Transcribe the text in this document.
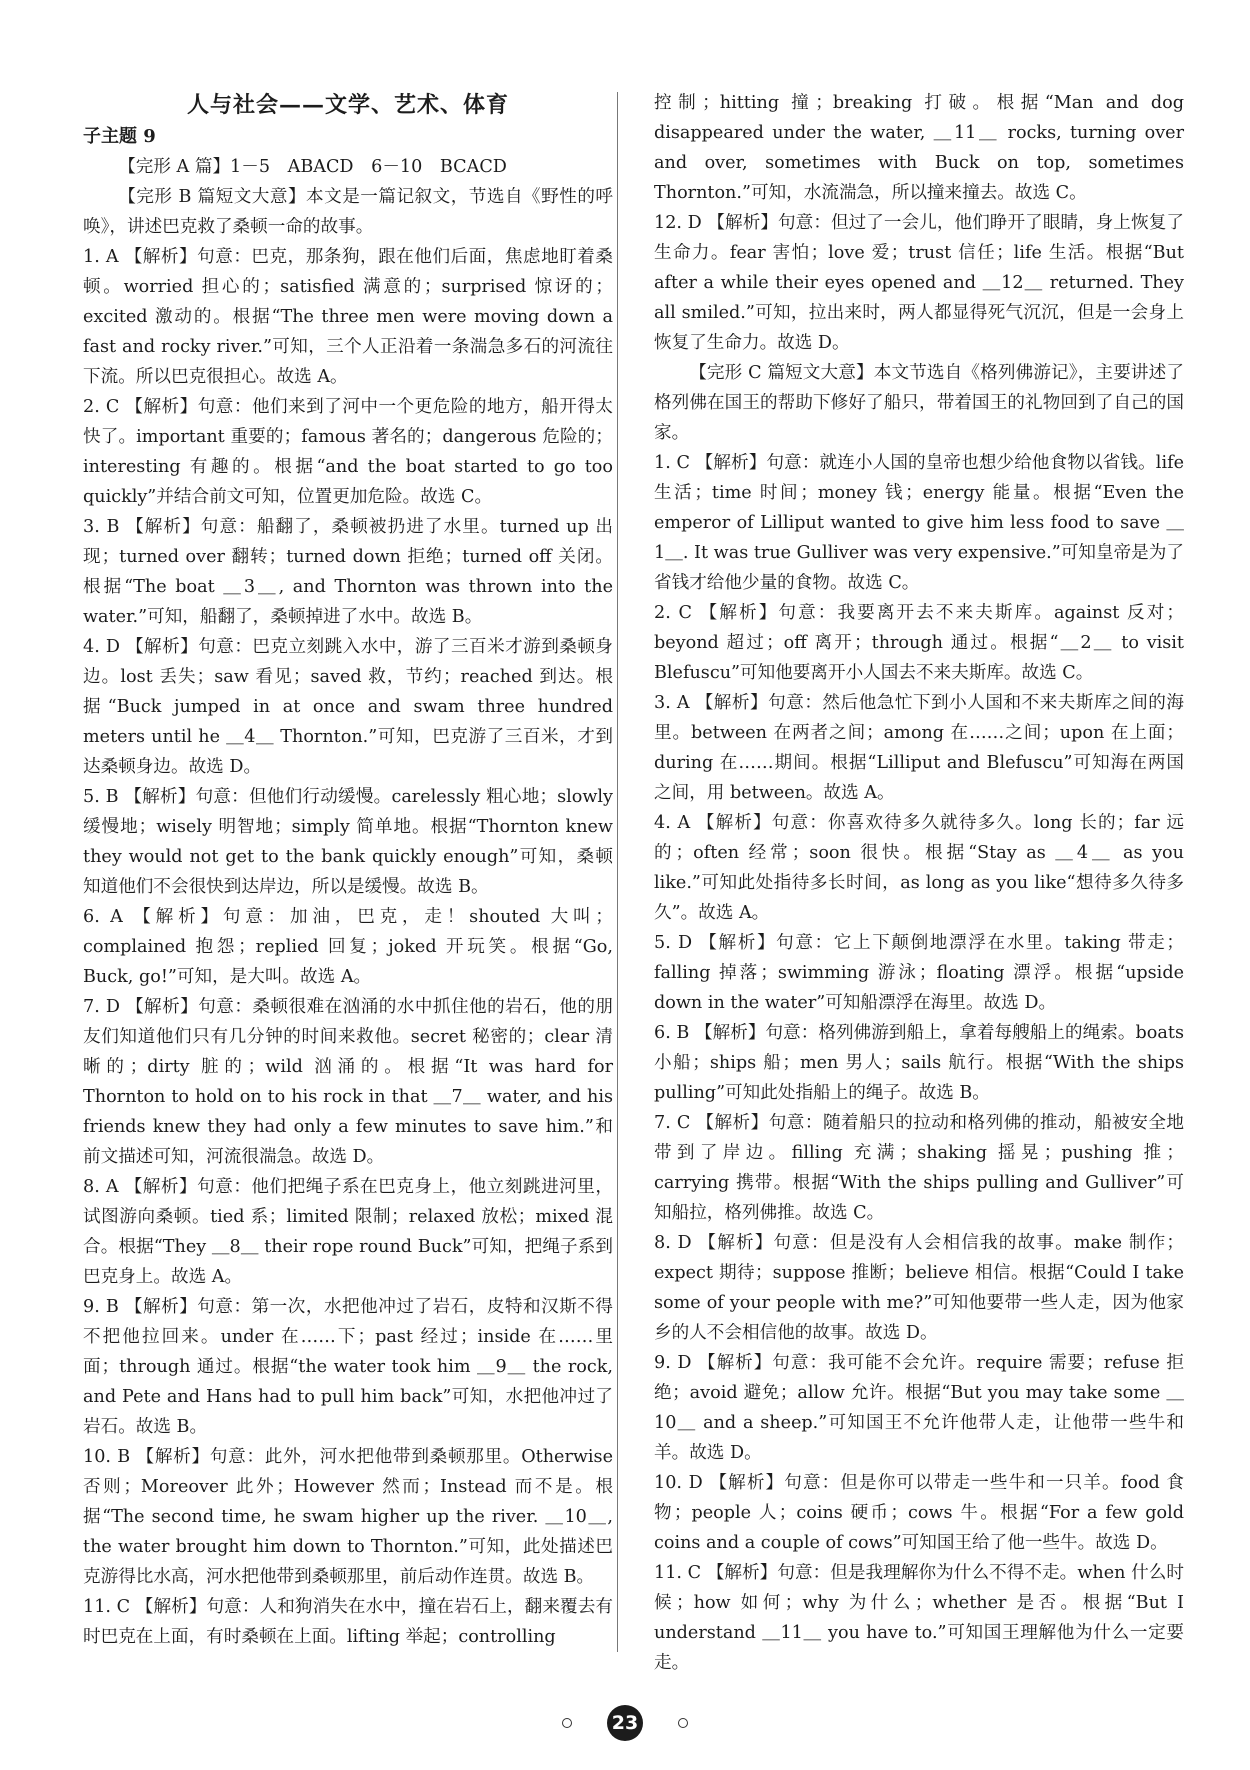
人与社会——文学、艺术、体育
子主题 9

【完形 A 篇】1－5　ABACD　6－10　BCACD

【完形 B 篇短文大意】本文是一篇记叙文，节选自《野性的呼唤》，讲述巴克救了桑顿一命的故事。

1. A 【解析】句意：巴克，那条狗，跟在他们后面，焦虑地盯着桑顿。worried 担心的；satisfied 满意的；surprised 惊讶的；excited 激动的。根据“The three men were moving down a fast and rocky river.”可知，三个人正沿着一条湍急多石的河流往下流。所以巴克很担心。故选 A。

2. C 【解析】句意：他们来到了河中一个更危险的地方，船开得太快了。important 重要的；famous 著名的；dangerous 危险的；interesting 有趣的。根据“and the boat started to go too quickly”并结合前文可知，位置更加危险。故选 C。

3. B 【解析】句意：船翻了，桑顿被扔进了水里。turned up 出现；turned over 翻转；turned down 拒绝；turned off 关闭。根据“The boat ＿3＿, and Thornton was thrown into the water.”可知，船翻了，桑顿掉进了水中。故选 B。

4. D 【解析】句意：巴克立刻跳入水中，游了三百米才游到桑顿身边。lost 丢失；saw 看见；saved 救，节约；reached 到达。根据“Buck jumped in at once and swam three hundred meters until he ＿4＿ Thornton.”可知，巴克游了三百米，才到达桑顿身边。故选 D。

5. B 【解析】句意：但他们行动缓慢。carelessly 粗心地；slowly 缓慢地；wisely 明智地；simply 简单地。根据“Thornton knew they would not get to the bank quickly enough”可知，桑顿知道他们不会很快到达岸边，所以是缓慢。故选 B。

6. A 【解析】句意：加油，巴克，走！shouted 大叫；complained 抱怨；replied 回复；joked 开玩笑。根据“Go, Buck, go!”可知，是大叫。故选 A。

7. D 【解析】句意：桑顿很难在汹涌的水中抓住他的岩石，他的朋友们知道他们只有几分钟的时间来救他。secret 秘密的；clear 清晰的；dirty 脏的；wild 汹涌的。根据“It was hard for Thornton to hold on to his rock in that ＿7＿ water, and his friends knew they had only a few minutes to save him.”和前文描述可知，河流很湍急。故选 D。

8. A 【解析】句意：他们把绳子系在巴克身上，他立刻跳进河里，试图游向桑顿。tied 系；limited 限制；relaxed 放松；mixed 混合。根据“They ＿8＿ their rope round Buck”可知，把绳子系到巴克身上。故选 A。

9. B 【解析】句意：第一次，水把他冲过了岩石，皮特和汉斯不得不把他拉回来。under 在……下；past 经过；inside 在……里面；through 通过。根据“the water took him ＿9＿ the rock, and Pete and Hans had to pull him back”可知，水把他冲过了岩石。故选 B。

10. B 【解析】句意：此外，河水把他带到桑顿那里。Otherwise 否则；Moreover 此外；However 然而；Instead 而不是。根据“The second time, he swam higher up the river. ＿10＿, the water brought him down to Thornton.”可知，此处描述巴克游得比水高，河水把他带到桑顿那里，前后动作连贯。故选 B。

11. C 【解析】句意：人和狗消失在水中，撞在岩石上，翻来覆去有时巴克在上面，有时桑顿在上面。lifting 举起；controlling

控制；hitting 撞；breaking 打破。根据“Man and dog disappeared under the water, ＿11＿ rocks, turning over and over, sometimes with Buck on top, sometimes Thornton.”可知，水流湍急，所以撞来撞去。故选 C。

12. D 【解析】句意：但过了一会儿，他们睁开了眼睛，身上恢复了生命力。fear 害怕；love 爱；trust 信任；life 生活。根据“But after a while their eyes opened and ＿12＿ returned. They all smiled.”可知，拉出来时，两人都显得死气沉沉，但是一会身上恢复了生命力。故选 D。

【完形 C 篇短文大意】本文节选自《格列佛游记》，主要讲述了格列佛在国王的帮助下修好了船只，带着国王的礼物回到了自己的国家。

1. C 【解析】句意：就连小人国的皇帝也想少给他食物以省钱。life 生活；time 时间；money 钱；energy 能量。根据“Even the emperor of Lilliput wanted to give him less food to save ＿1＿. It was true Gulliver was very expensive.”可知皇帝是为了省钱才给他少量的食物。故选 C。

2. C 【解析】句意：我要离开去不来夫斯库。against 反对；beyond 超过；off 离开；through 通过。根据“＿2＿ to visit Blefuscu”可知他要离开小人国去不来夫斯库。故选 C。

3. A 【解析】句意：然后他急忙下到小人国和不来夫斯库之间的海里。between 在两者之间；among 在……之间；upon 在上面；during 在……期间。根据“Lilliput and Blefuscu”可知海在两国之间，用 between。故选 A。

4. A 【解析】句意：你喜欢待多久就待多久。long 长的；far 远的；often 经常；soon 很快。根据“Stay as ＿4＿ as you like.”可知此处指待多长时间，as long as you like“想待多久待多久”。故选 A。

5. D 【解析】句意：它上下颠倒地漂浮在水里。taking 带走；falling 掉落；swimming 游泳；floating 漂浮。根据“upside down in the water”可知船漂浮在海里。故选 D。

6. B 【解析】句意：格列佛游到船上，拿着每艘船上的绳索。boats 小船；ships 船；men 男人；sails 航行。根据“With the ships pulling”可知此处指船上的绳子。故选 B。

7. C 【解析】句意：随着船只的拉动和格列佛的推动，船被安全地带到了岸边。filling 充满；shaking 摇晃；pushing 推；carrying 携带。根据“With the ships pulling and Gulliver”可知船拉，格列佛推。故选 C。

8. D 【解析】句意：但是没有人会相信我的故事。make 制作；expect 期待；suppose 推断；believe 相信。根据“Could I take some of your people with me?”可知他要带一些人走，因为他家乡的人不会相信他的故事。故选 D。

9. D 【解析】句意：我可能不会允许。require 需要；refuse 拒绝；avoid 避免；allow 允许。根据“But you may take some ＿10＿ and a sheep.”可知国王不允许他带人走，让他带一些牛和羊。故选 D。

10. D 【解析】句意：但是你可以带走一些牛和一只羊。food 食物；people 人；coins 硬币；cows 牛。根据“For a few gold coins and a couple of cows”可知国王给了他一些牛。故选 D。

11. C 【解析】句意：但是我理解你为什么不得不走。when 什么时候；how 如何；why 为什么；whether 是否。根据“But I understand ＿11＿ you have to.”可知国王理解他为什么一定要走。

23
